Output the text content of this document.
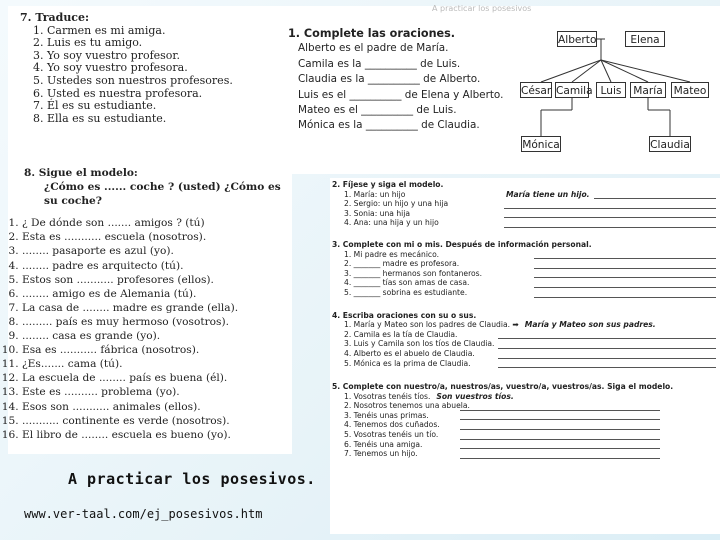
A practicar los posesivos
7. Traduce:
1. Carmen es mi amiga.
2. Luis es tu amigo.
3. Yo soy vuestro profesor.
4. Yo soy vuestro profesora.
5. Ustedes son nuestros profesores.
6. Usted es nuestra profesora.
7. Él es su estudiante.
8. Ella es su estudiante.
8. Sigue el modelo:
¿Cómo es ...... coche ? (usted) ¿Cómo es su coche?
1. ¿ De dónde son ....... amigos ? (tú)
2. Esta es ........... escuela (nosotros).
3. ........ pasaporte es azul (yo).
4. ........ padre es arquitecto (tú).
5. Estos son ........... profesores (ellos).
6. ........ amigo es de Alemania (tú).
7. La casa de ........ madre es grande (ella).
8. ......... país es muy hermoso (vosotros).
9. ........ casa es grande (yo).
10. Esa es ........... fábrica (nosotros).
11. ¿Es....... cama (tú).
12. La escuela de ........ país es buena (él).
13. Este es .......... problema (yo).
14. Esos son ........... animales (ellos).
15. ........... continente es verde (nosotros).
16. El libro de ........ escuela es bueno (yo).
1. Complete las oraciones.
Alberto es el padre de María.
Camila es la __________ de Luis.
Claudia es la __________ de Alberto.
Luis es el __________ de Elena y Alberto.
Mateo es el __________ de Luis.
Mónica es la __________ de Claudia.
Alberto	Elena
César Camila Luis	María	Mateo
Mónica	Claudia
2. Fíjese y siga el modelo.
1. María: un hijo	María tiene un hijo.
2. Sergio: un hijo y una hija
3. Sonia: una hija
4. Ana: una hija y un hijo
3. Complete con mi o mis. Después de información personal.
1. Mi padre es mecánico.
2. _______ madre es profesora.
3. _______ hermanos son fontaneros.
4. _______ tías son amas de casa.
5. _______ sobrina es estudiante.
4. Escriba oraciones con su o sus.
1. María y Mateo son los padres de Claudia. ➡ María y Mateo son sus padres.
2. Camila es la tía de Claudia.
3. Luis y Camila son los tíos de Claudia.
4. Alberto es el abuelo de Claudia.
5. Mónica es la prima de Claudia.
5. Complete con nuestro/a, nuestros/as, vuestro/a, vuestros/as. Siga el modelo.
1. Vosotras tenéis tíos. Son vuestros tíos.
2. Nosotros tenemos una abuela.
3. Tenéis unas primas.
4. Tenemos dos cuñados.
5. Vosotras tenéis un tío.
6. Tenéis una amiga.
7. Tenemos un hijo.
A practicar los posesivos.
www.ver-taal.com/ej_posesivos.htm
